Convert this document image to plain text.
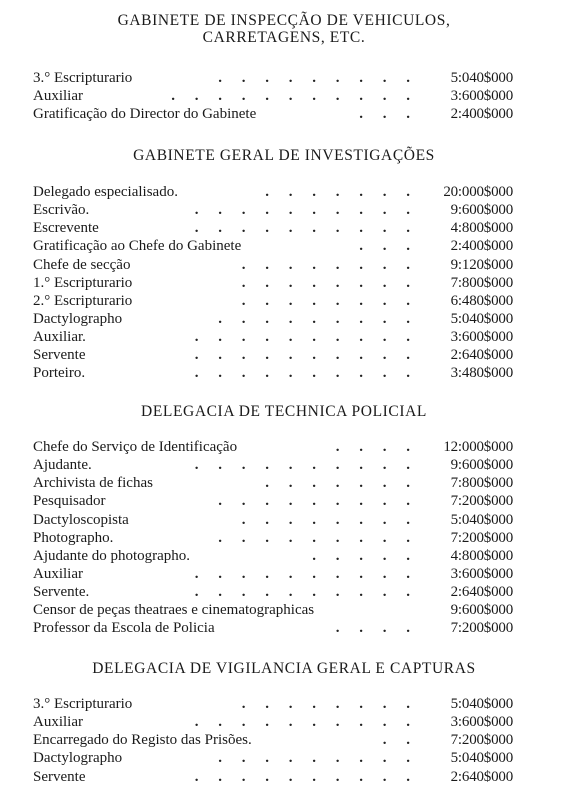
GABINETE DE INSPECÇÃO DE VEHICULOS,
CARRETAGENS, ETC.
3.° Escripturario	. . . . . . . . . 5:040$000
Auxiliar	. . . . . . . . . . . 3:600$000
Gratificação do Director do Gabinete	. . . 2:400$000
GABINETE GERAL DE INVESTIGAÇÕES
Delegado especialisado.	. . . . . . . 20:000$000
Escrivão.	. . . . . . . . . . 9:600$000
Escrevente	. . . . . . . . . . 4:800$000
Gratificação ao Chefe do Gabinete	. . . 2:400$000
Chefe de secção	. . . . . . . . 9:120$000
1.° Escripturario	. . . . . . . . 7:800$000
2.° Escripturario	. . . . . . . . 6:480$000
Dactylographo	. . . . . . . . . 5:040$000
Auxiliar.	. . . . . . . . . . 3:600$000
Servente	. . . . . . . . . . 2:640$000
Porteiro.	. . . . . . . . . . 3:480$000
DELEGACIA DE TECHNICA POLICIAL
Chefe do Serviço de Identificação	. . . . 12:000$000
Ajudante.	. . . . . . . . . . 9:600$000
Archivista de fichas	. . . . . . . 7:800$000
Pesquisador	. . . . . . . . . 7:200$000
Dactyloscopista	. . . . . . . . 5:040$000
Photographo.	. . . . . . . . . 7:200$000
Ajudante do photographo.	. . . . . 4:800$000
Auxiliar	. . . . . . . . . . 3:600$000
Servente.	. . . . . . . . . . 2:640$000
Censor de peças theatraes e cinematographicas	9:600$000
Professor da Escola de Policia	. . . . 7:200$000
DELEGACIA DE VIGILANCIA GERAL E CAPTURAS
3.° Escripturario	. . . . . . . . 5:040$000
Auxiliar	. . . . . . . . . . 3:600$000
Encarregado do Registo das Prisões.	. . 7:200$000
Dactylographo	. . . . . . . . . 5:040$000
Servente	. . . . . . . . . . 2:640$000
